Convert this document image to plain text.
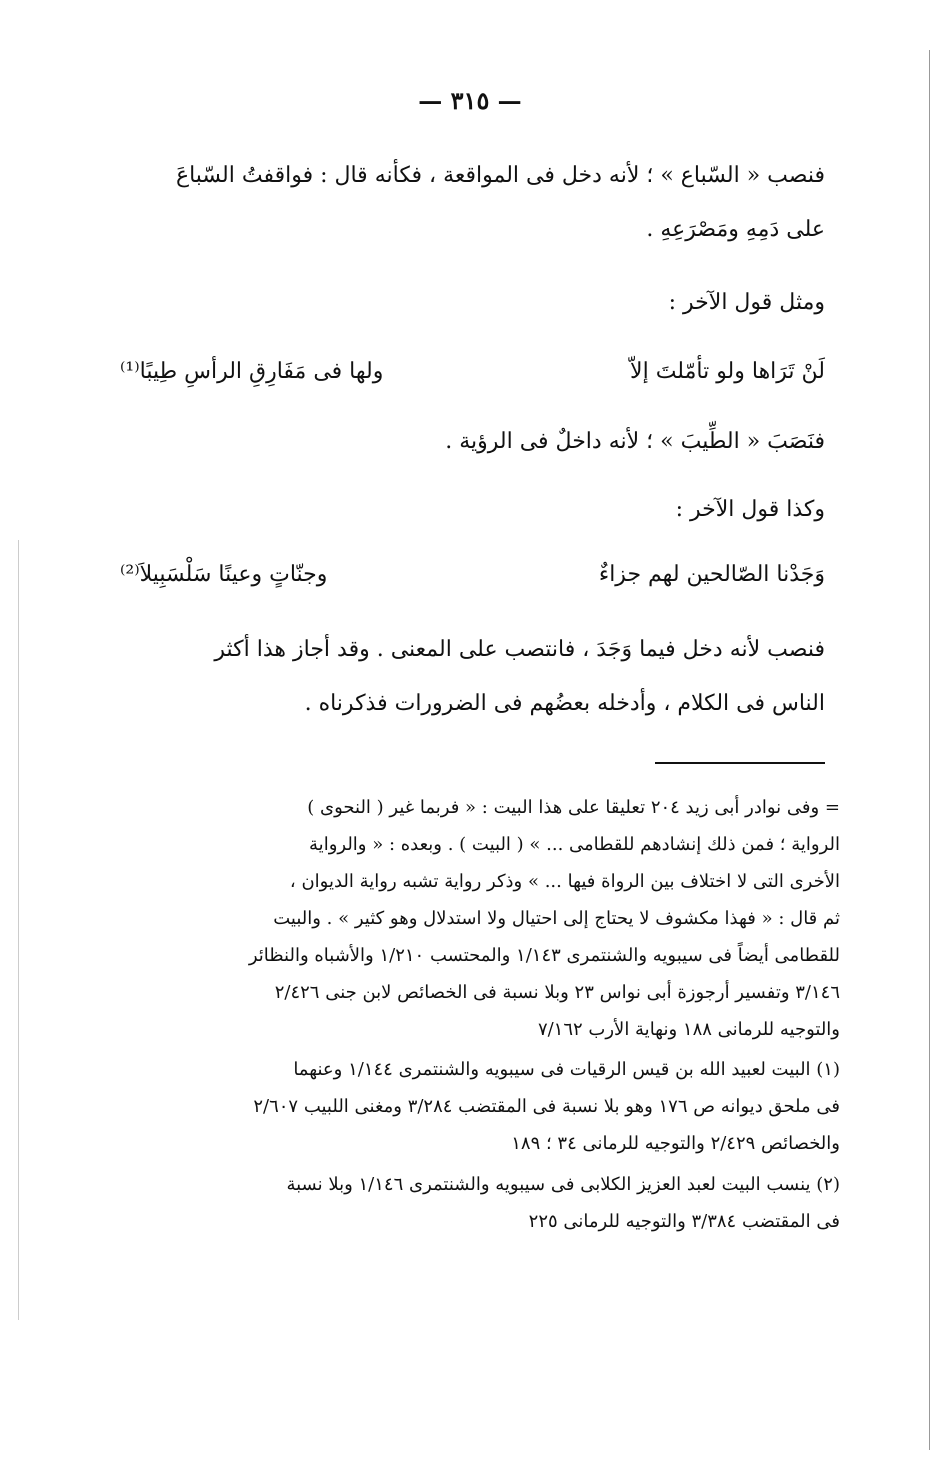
— ٣١٥ —
فنصب « السّباع » ؛ لأنه دخل فى المواقعة ، فكأنه قال : فواقفتُ السّباعَ
على دَمِهِ ومَصْرَعِهِ .
ومثل قول الآخر :
لَنْ تَرَاها ولو تأمّلتَ إلاّ
ولها فى مَفَارِقِ الرأسِ طِيبًا⁽¹⁾
فنَصَبَ « الطِّيبَ » ؛ لأنه داخلٌ فى الرؤية .
وكذا قول الآخر :
وَجَدْنا الصّالحين لهم جزاءٌ
وجنّاتٍ وعينًا سَلْسَبِيلاَ⁽²⁾
فنصب لأنه دخل فيما وَجَدَ ، فانتصب على المعنى . وقد أجاز هذا أكثر
الناس فى الكلام ، وأدخله بعضُهم فى الضرورات فذكرناه .
= وفى نوادر أبى زيد ٢٠٤ تعليقا على هذا البيت : « فربما غير ( النحوى )
الرواية ؛ فمن ذلك إنشادهم للقطامى ... » ( البيت ) . وبعده : « والرواية
الأخرى التى لا اختلاف بين الرواة فيها ... » وذكر رواية تشبه رواية الديوان ،
ثم قال : « فهذا مكشوف لا يحتاج إلى احتيال ولا استدلال وهو كثير » . والبيت
للقطامى أيضاً فى سيبويه والشنتمرى ١/١٤٣ والمحتسب ١/٢١٠ والأشباه والنظائر
٣/١٤٦ وتفسير أرجوزة أبى نواس ٢٣ وبلا نسبة فى الخصائص لابن جنى ٢/٤٢٦
والتوجيه للرمانى ١٨٨ ونهاية الأرب ٧/١٦٢
(١) البيت لعبيد الله بن قيس الرقيات فى سيبويه والشنتمرى ١/١٤٤ وعنهما
فى ملحق ديوانه ص ١٧٦ وهو بلا نسبة فى المقتضب ٣/٢٨٤ ومغنى اللبيب ٢/٦٠٧
والخصائص ٢/٤٢٩ والتوجيه للرمانى ٣٤ ؛ ١٨٩
(٢) ينسب البيت لعبد العزيز الكلابى فى سيبويه والشنتمرى ١/١٤٦ وبلا نسبة
فى المقتضب ٣/٣٨٤ والتوجيه للرمانى ٢٢٥
